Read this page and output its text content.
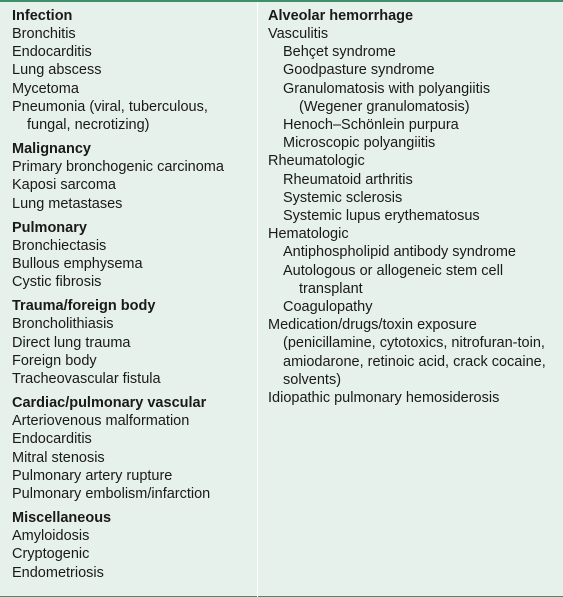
Infection
Bronchitis
Endocarditis
Lung abscess
Mycetoma
Pneumonia (viral, tuberculous, fungal, necrotizing)
Malignancy
Primary bronchogenic carcinoma
Kaposi sarcoma
Lung metastases
Pulmonary
Bronchiectasis
Bullous emphysema
Cystic fibrosis
Trauma/foreign body
Broncholithiasis
Direct lung trauma
Foreign body
Tracheovascular fistula
Cardiac/pulmonary vascular
Arteriovenous malformation
Endocarditis
Mitral stenosis
Pulmonary artery rupture
Pulmonary embolism/infarction
Miscellaneous
Amyloidosis
Cryptogenic
Endometriosis
Alveolar hemorrhage
Vasculitis
Behçet syndrome
Goodpasture syndrome
Granulomatosis with polyangiitis (Wegener granulomatosis)
Henoch–Schönlein purpura
Microscopic polyangiitis
Rheumatologic
Rheumatoid arthritis
Systemic sclerosis
Systemic lupus erythematosus
Hematologic
Antiphospholipid antibody syndrome
Autologous or allogeneic stem cell transplant
Coagulopathy
Medication/drugs/toxin exposure (penicillamine, cytotoxics, nitrofuran-toin, amiodarone, retinoic acid, crack cocaine, solvents)
Idiopathic pulmonary hemosiderosis
